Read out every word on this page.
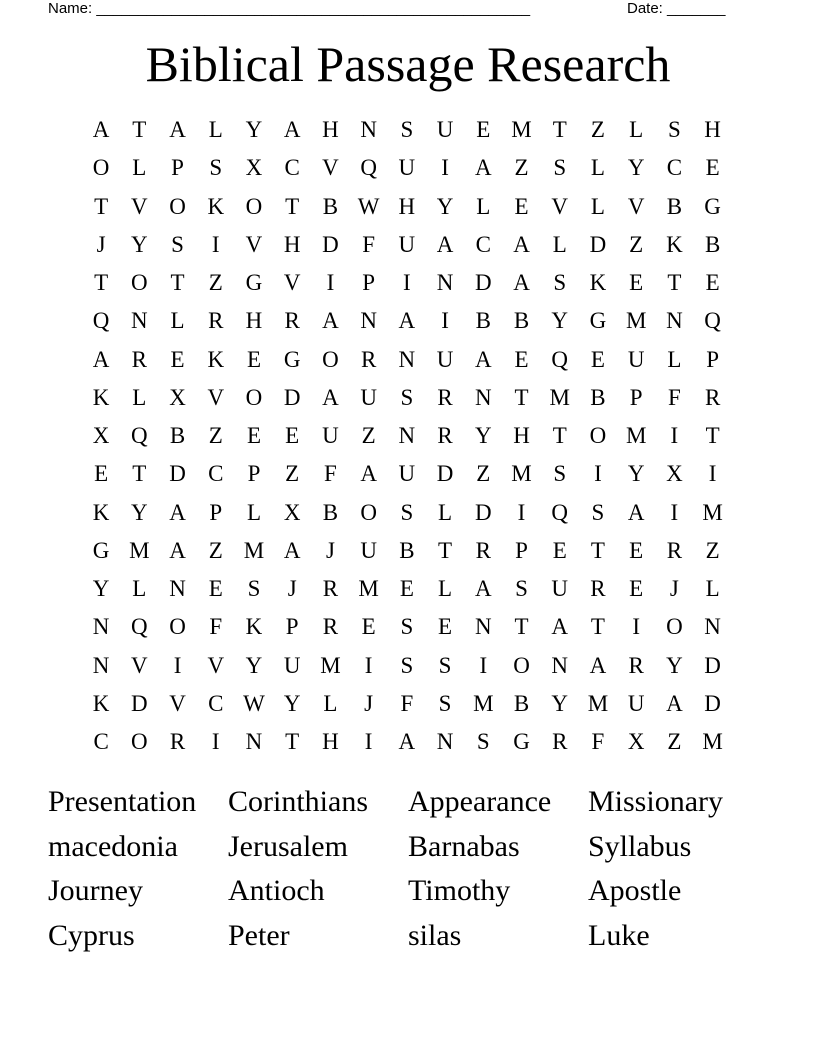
Name: ____________________________________________________	Date: _______
Biblical Passage Research
A T A L Y A H N	S	U E M T	Z	L	S	H
O L	P	S	X C V Q U	I	A Z	S	L Y C	E
T V O K O T	B W H Y L	E V L V B G
J	Y	S	I	V H D	F	U A C A L D Z K B
T O T	Z G V	I	P	I	N D A	S	K E	T	E
Q N L	R H R A N A	I	B B Y G M N Q
A R	E K E G O R N U A E Q E U L	P
K L X V O D A U	S	R N T M B	P	F	R
X Q B	Z	E	E U Z N R Y H T O M	I	T
E	T D C	P	Z	F	A U D Z M S	I	Y X	I
K Y A	P	L X B O	S	L D	I	Q	S	A	I	M
G M A Z M A	J	U B	T	R	P	E	T	E	R	Z
Y L N E	S	J	R M E	L A	S	U R	E	J	L
N Q O	F	K	P	R	E	S	E N T A T	I	O N
N V	I	V Y U M	I	S	S	I	O N A R Y D
K D V C W Y L	J	F	S M B Y M U A D
C O R	I	N T H	I	A N	S	G R	F	X Z M
Presentation	Corinthians	Appearance	Missionary
macedonia	Jerusalem	Barnabas	Syllabus
Journey	Antioch	Timothy	Apostle
Cyprus	Peter	silas	Luke
